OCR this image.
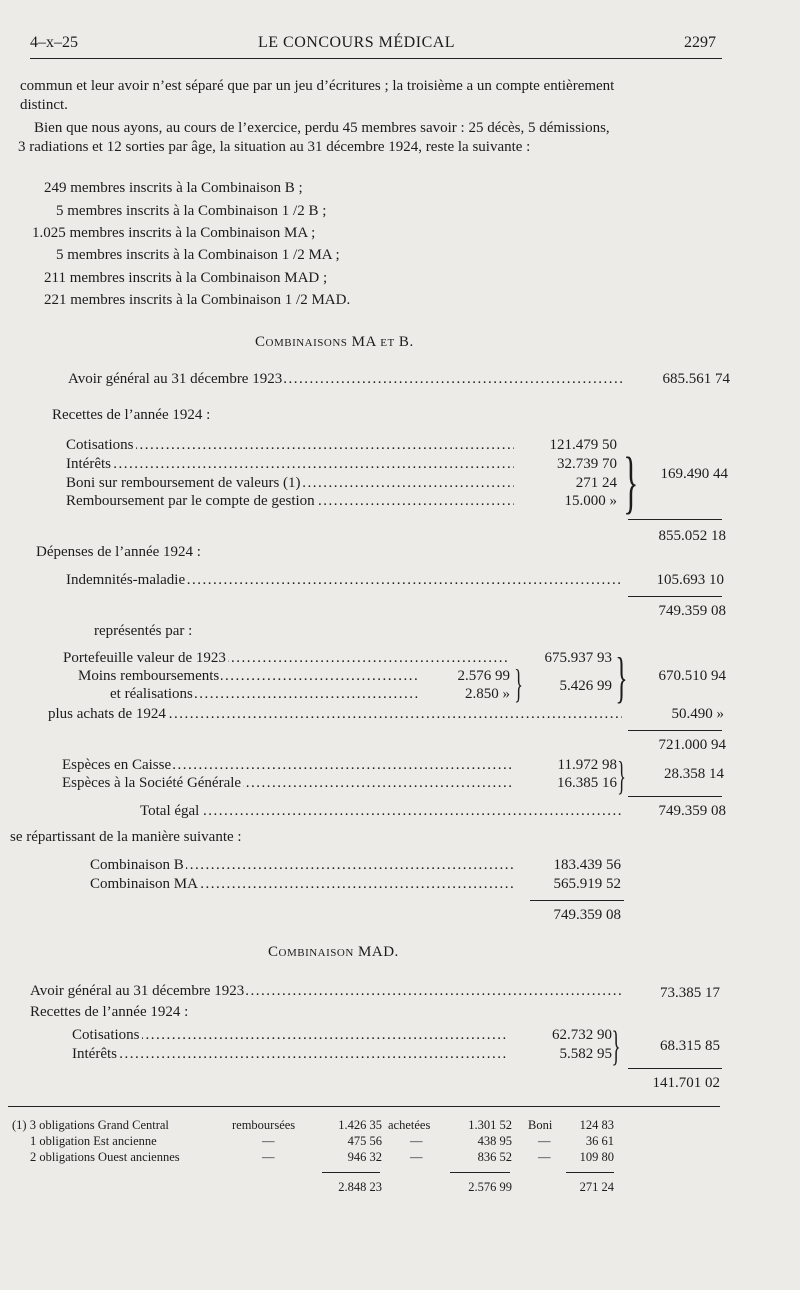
4–x–25	LE CONCOURS MÉDICAL	2297
commun et leur avoir n’est séparé que par un jeu d’écritures ; la troisième a un compte entièrement
distinct.
Bien que nous ayons, au cours de l’exercice, perdu 45 membres savoir : 25 décès, 5 démissions,
3 radiations et 12 sorties par âge, la situation au 31 décembre 1924, reste la suivante :
249 membres inscrits à la Combinaison B ;
5 membres inscrits à la Combinaison 1 /2 B ;
1.025 membres inscrits à la Combinaison MA ;
5 membres inscrits à la Combinaison 1 /2 MA ;
211 membres inscrits à la Combinaison MAD ;
221 membres inscrits à la Combinaison 1 /2 MAD.
Combinaisons MA et B.
Avoir général au 31 décembre 1923 .....	685.561 74
Recettes de l’année 1924 :
Cotisations .....	121.479 50
Intérêts .....	32.739 70
Boni sur remboursement de valeurs (1) .....	271 24
Remboursement par le compte de gestion .....	15.000 » }	169.490 44
855.052 18
Dépenses de l’année 1924 :
Indemnités-maladie .....	105.693 10
749.359 08
représentés par :
Portefeuille valeur de 1923 .....	675.937 93
Moins remboursements .....	2.576 99
et réalisations .....	2.850 » }	5.426 99 }	670.510 94
plus achats de 1924 .....	50.490 »
721.000 94
Espèces en Caisse .....	11.972 98
Espèces à la Société Générale .....	16.385 16 }	28.358 14
Total égal .....	749.359 08
se répartissant de la manière suivante :
Combinaison B .....	183.439 56
Combinaison MA .....	565.919 52
749.359 08
Combinaison MAD.
Avoir général au 31 décembre 1923 .....	73.385 17
Recettes de l’année 1924 :
Cotisations .....	62.732 90
Intérêts .....	5.582 95 }	68.315 85
141.701 02
(1) 3 obligations Grand Central	remboursées	1.426 35 achetées	1.301 52 Boni	124 83
1 obligation Est ancienne	—	475 56 —	438 95 —	36 61
2 obligations Ouest anciennes	—	946 32 —	836 52 —	109 80
2.848 23	2.576 99	271 24
